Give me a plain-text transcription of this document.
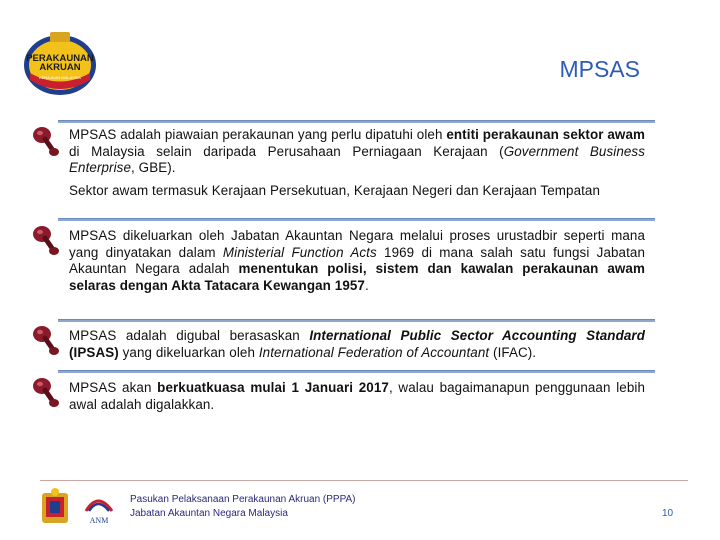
PERAKAUNAN
AKRUAN
KERAJAAN MALAYSIA	MPSAS

MPSAS adalah piawaian perakaunan yang perlu dipatuhi oleh entiti perakaunan sektor awam di Malaysia selain daripada Perusahaan Perniagaan Kerajaan (Government Business Enterprise, GBE).

Sektor awam termasuk Kerajaan Persekutuan, Kerajaan Negeri dan Kerajaan Tempatan

MPSAS dikeluarkan oleh Jabatan Akauntan Negara melalui proses urustadbir seperti mana yang dinyatakan dalam Ministerial Function Acts 1969 di mana salah satu fungsi Jabatan Akauntan Negara adalah menentukan polisi, sistem dan kawalan perakaunan awam selaras dengan Akta Tatacara Kewangan 1957.

MPSAS adalah digubal berasaskan International Public Sector Accounting Standard (IPSAS) yang dikeluarkan oleh International Federation of Accountant (IFAC).

MPSAS akan berkuatkuasa mulai 1 Januari 2017, walau bagaimanapun penggunaan lebih awal adalah digalakkan.

ANM
Pasukan Pelaksanaan Perakaunan Akruan (PPPA)
Jabatan Akauntan Negara Malaysia	10
